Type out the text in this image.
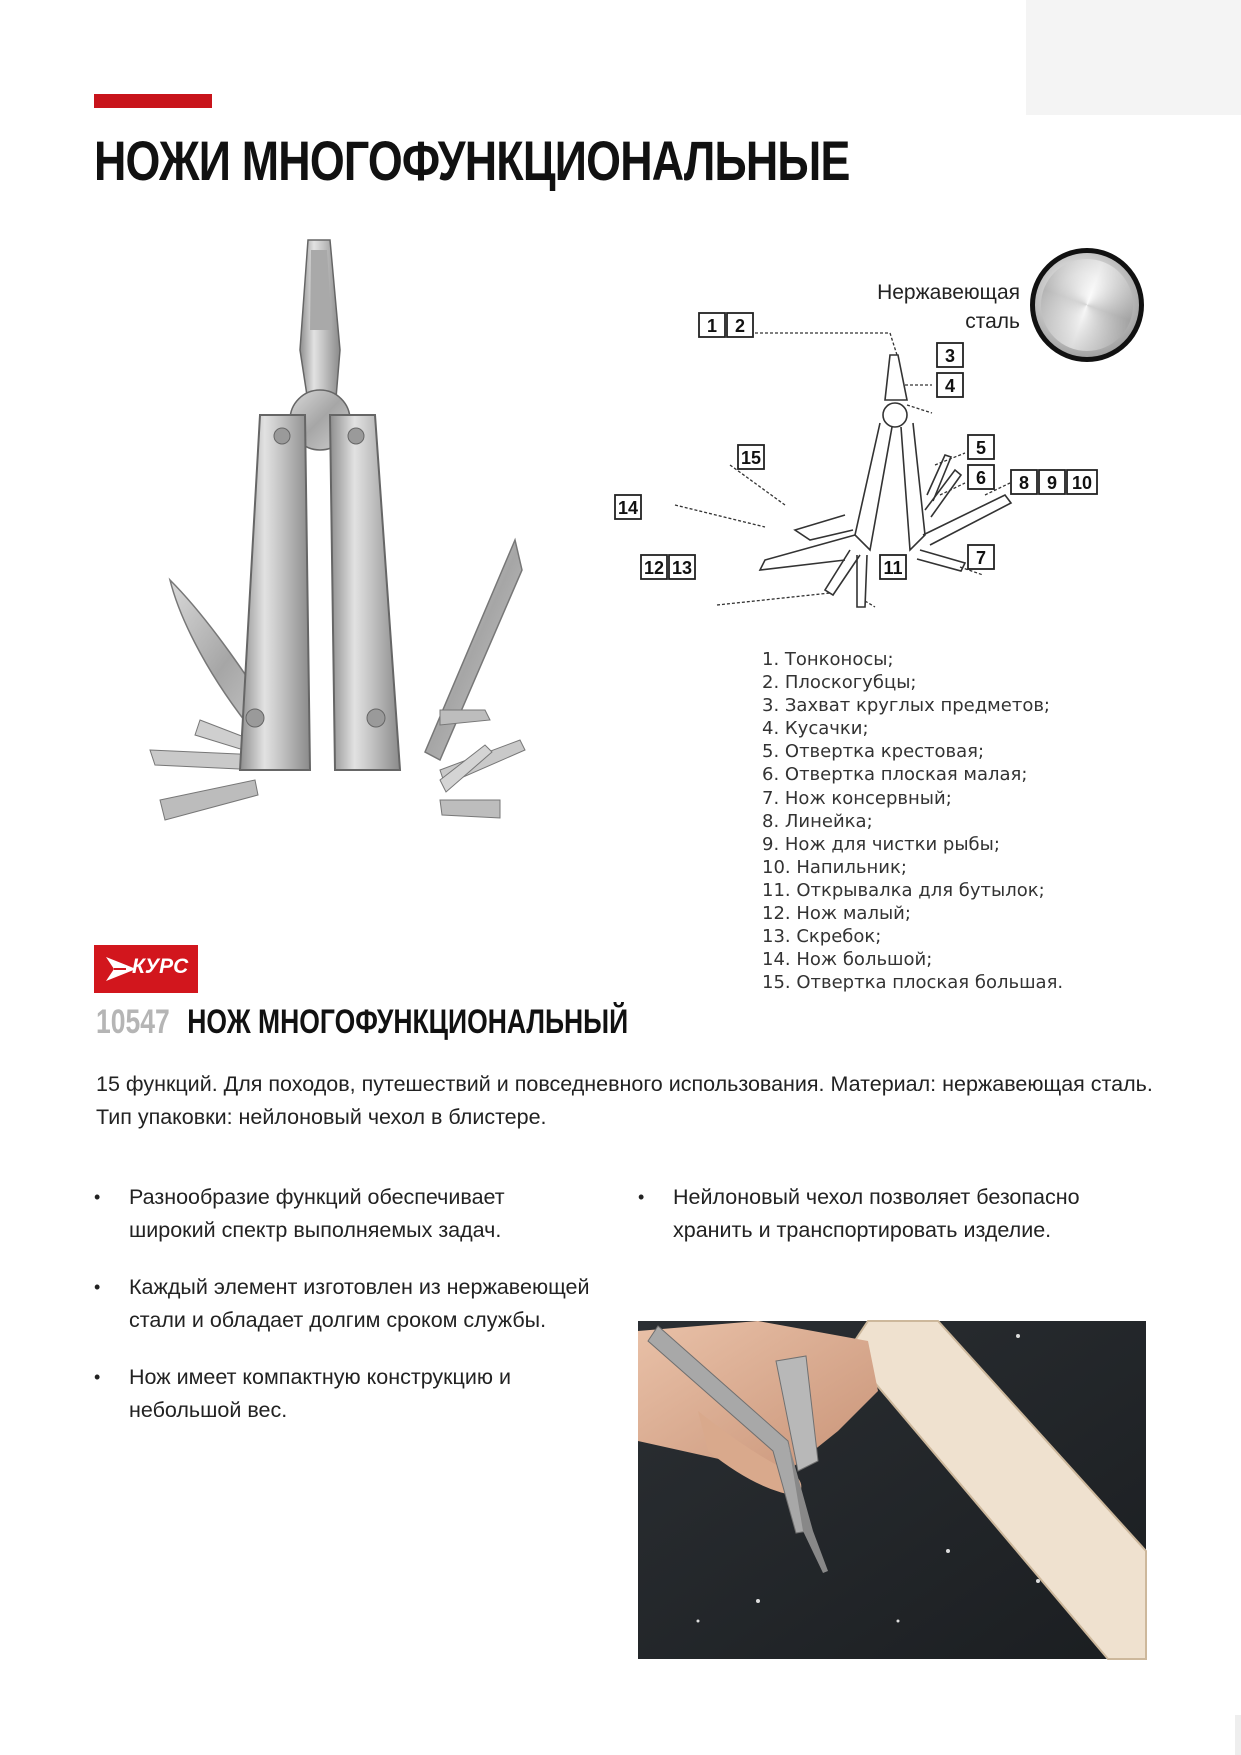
НОЖИ МНОГОФУНКЦИОНАЛЬНЫЕ
Нержавеющая
сталь
1 2
3
4
5
6 8 9 10
15
14
7
12 13	11
1. Тонконосы;
2. Плоскогубцы;
3. Захват круглых предметов;
4. Кусачки;
5. Отвертка крестовая;
6. Отвертка плоская малая;
7. Нож консервный;
8. Линейка;
9. Нож для чистки рыбы;
10. Напильник;
11. Открывалка для бутылок;
12. Нож малый;
13. Скребок;
14. Нож большой;
15. Отвертка плоская большая.
КУРС
10547 НОЖ МНОГОФУНКЦИОНАЛЬНЫЙ

15 функций. Для походов, путешествий и повседневного использования. Материал: нержавеющая сталь. Тип упаковки: нейлоновый чехол в блистере.

• Разнообразие функций обеспечивает широкий спектр выполняемых задач.
• Каждый элемент изготовлен из нержавеющей стали и обладает долгим сроком службы.
• Нож имеет компактную конструкцию и небольшой вес.
• Нейлоновый чехол позволяет безопасно хранить и транспортировать изделие.
